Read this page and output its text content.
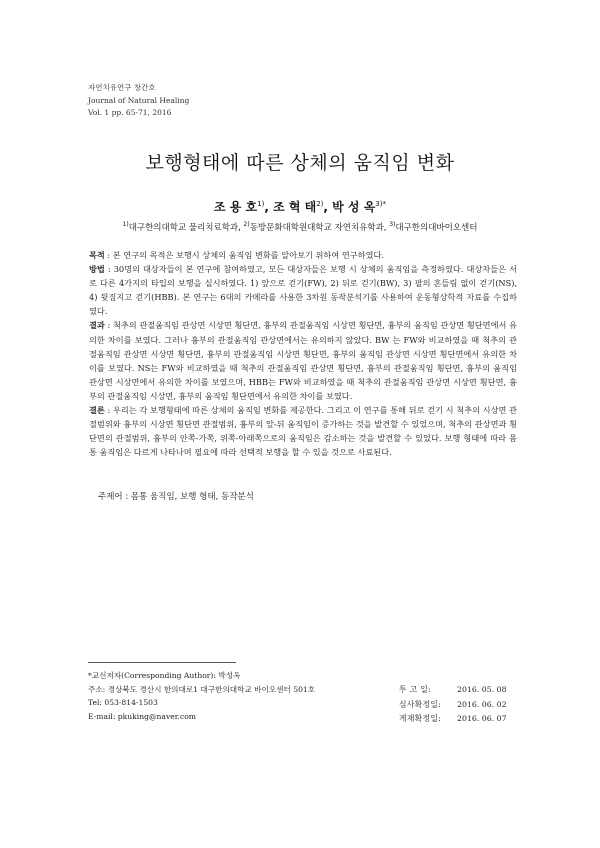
자연치유연구 창간호
Journal of Natural Healing
Vol. 1 pp. 65-71, 2016
보행형태에 따른 상체의 움직임 변화
조 용 호$^{1)}$, 조 혁 태$^{2)}$, 박 성 옥$^{3)*}$
$^{1)}$대구한의대학교 물리치료학과, $^{2)}$동방문화대학원대학교 자연치유학과, $^{3)}$대구한의대바이오센터

목적 : 본 연구의 목적은 보행시 상체의 움직임 변화를 알아보기 위하여 연구하였다.

방법 : 30명의 대상자들이 본 연구에 참여하였고, 모든 대상자들은 보행 시 상체의 움직임을 측정하였다. 대상자들은 서로 다른 4가지의 타입의 보행을 실시하였다. 1) 앞으로 걷기(FW), 2) 뒤로 걷기(BW), 3) 팔의 흔들림 없이 걷기(NS), 4) 뒷짐지고 걷기(HBB). 본 연구는 6대의 카메라를 사용한 3차원 동작분석기를 사용하여 운동형상학적 자료를 수집하였다.

결과 : 척추의 관절움직임 관상면 시상면 횡단면, 흉부의 관절움직임 시상면 횡단면, 흉부의 움직임 관상면 횡단면에서 유의한 차이를 보였다. 그러나 흉부의 관절움직임 관상면에서는 유의하지 않았다. BW 는 FW와 비교하였을 때 척추의 관절움직임 관상면 시상면 횡단면, 흉부의 관절움직임 시상면 횡단면, 흉부의 움직임 관상면 시상면 횡단면에서 유의한 차이를 보였다. NS는 FW와 비교하였을 때 척추의 관절움직임 관상면 횡단면, 흉부의 관절움직임 횡단면, 흉부의 움직임 관상면 시상면에서 유의한 차이를 보였으며, HBB는 FW와 비교하였을 때 척추의 관절움직임 관상면 시상면 횡단면, 흉부의 관절움직임 시상면, 흉부의 움직임 횡단면에서 유의한 차이를 보였다.

결론 : 우리는 각 보행형태에 따른 상체의 움직임 변화를 제공한다. 그리고 이 연구를 통해 뒤로 걷기 시 척추의 시상면 관절범위와 흉부의 시상면 횡단면 관절범위, 흉부의 앞-뒤 움직임이 증가하는 것을 발견할 수 있었으며, 척추의 관상면과 횡단면의 관절범위, 흉부의 안쪽-가쪽, 위쪽-아래쪽으로의 움직임은 감소하는 것을 발견할 수 있었다. 보행 형태에 따라 몸통 움직임은 다르게 나타나며 필요에 따라 선택적 보행을 할 수 있을 것으로 사료된다.

주제어 : 몸통 움직임, 보행 형태, 동작분석
*교신저자(Corresponding Author): 박성옥
주소: 경상북도 경산시 한의대로1 대구한의대학교 바이오센터 501호
Tel: 053-814-1503
E-mail: pkuking@naver.com
투 고 일:	2016. 05. 08
심사확정일:	2016. 06. 02
게재확정일:	2016. 06. 07
